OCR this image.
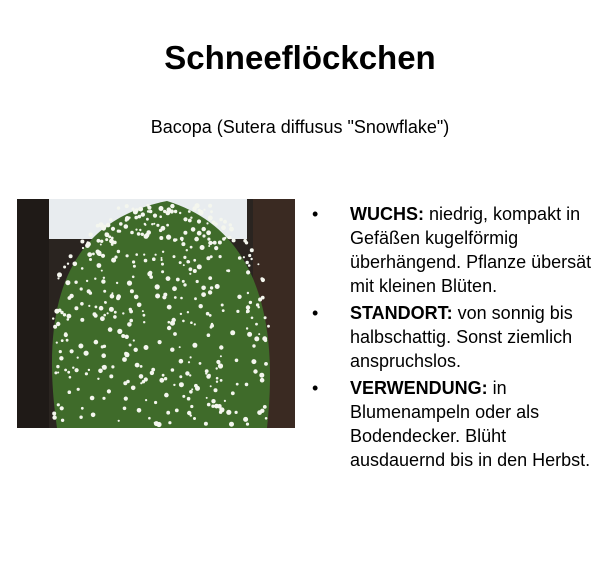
Schneeflöckchen
Bacopa (Sutera diffusus "Snowflake")
• WUCHS: niedrig, kompakt in Gefäßen kugelförmig überhängend. Pflanze übersät mit kleinen Blüten.
• STANDORT: von sonnig bis halbschattig. Sonst ziemlich anspruchslos.
• VERWENDUNG: in Blumenampeln oder als Bodendecker. Blüht ausdauernd bis in den Herbst.
